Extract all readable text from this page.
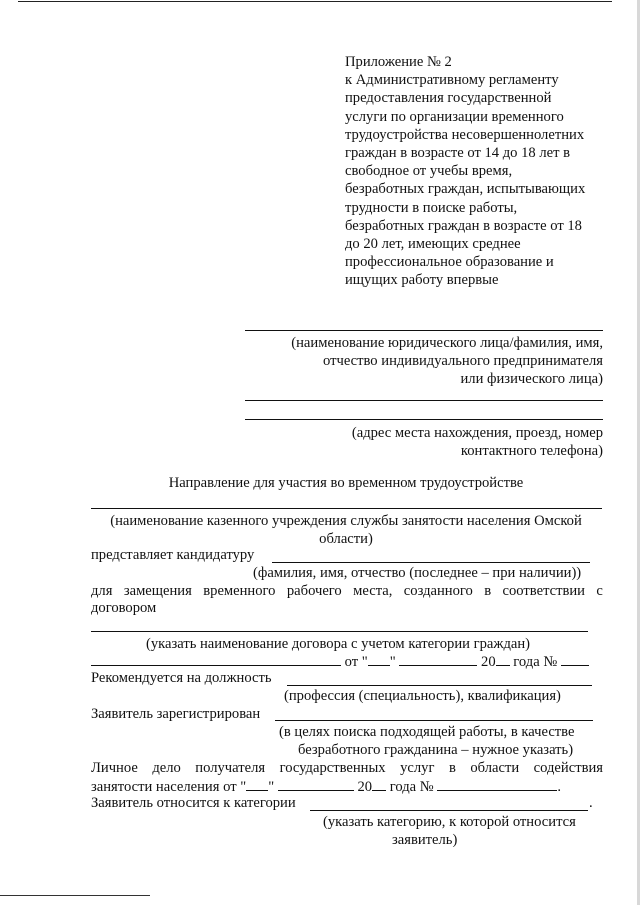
Приложение № 2
к Административному регламенту
предоставления государственной
услуги по организации временного
трудоустройства несовершеннолетних
граждан в возрасте от 14 до 18 лет в
свободное от учебы время,
безработных граждан, испытывающих
трудности в поиске работы,
безработных граждан в возрасте от 18
до 20 лет, имеющих среднее
профессиональное образование и
ищущих работу впервые
(наименование юридического лица/фамилия, имя,
отчество индивидуального предпринимателя
или физического лица)
(адрес места нахождения, проезд, номер
контактного телефона)
Направление для участия во временном трудоустройстве
(наименование казенного учреждения службы занятости населения Омской
области)
представляет кандидатуру
(фамилия, имя, отчество (последнее – при наличии))
для замещения временного рабочего места, созданного в соответствии с
договором
(указать наименование договора с учетом категории граждан)
от " "	20 года №
Рекомендуется на должность
(профессия (специальность), квалификация)
Заявитель зарегистрирован
(в целях поиска подходящей работы, в качестве
безработного гражданина – нужное указать)
Личное дело получателя государственных услуг в области содействия
занятости населения от " "	20 года №	.
Заявитель относится к категории	.
(указать категорию, к которой относится
заявитель)
